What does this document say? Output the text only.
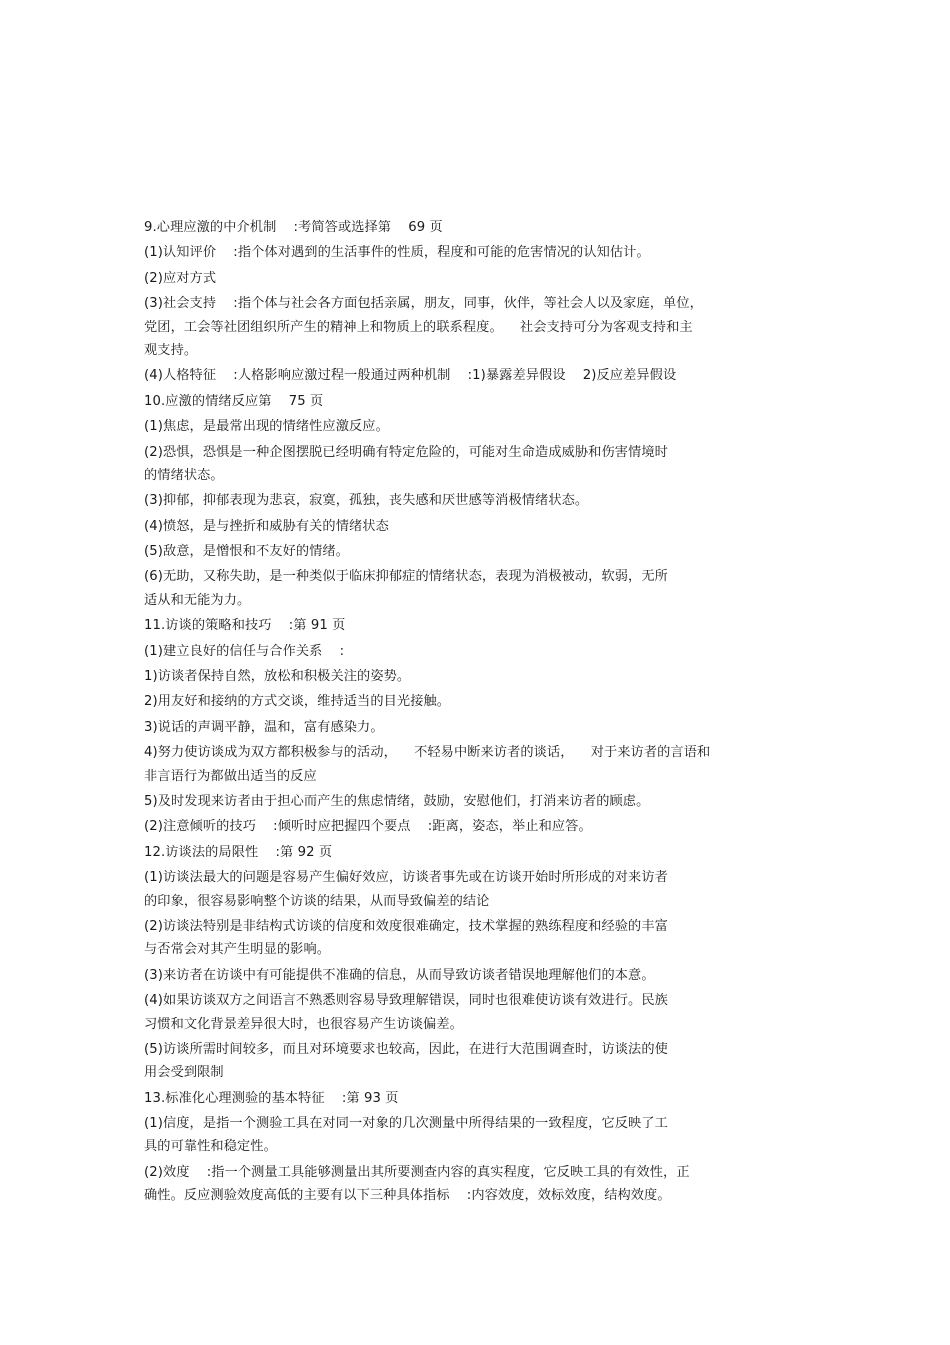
9.心理应激的中介机制    :考简答或选择第    69 页
(1)认知评价    :指个体对遇到的生活事件的性质，程度和可能的危害情况的认知估计。
(2)应对方式
(3)社会支持    :指个体与社会各方面包括亲属，朋友，同事，伙伴，等社会人以及家庭，单位，
党团，工会等社团组织所产生的精神上和物质上的联系程度。    社会支持可分为客观支持和主
观支持。
(4)人格特征    :人格影响应激过程一般通过两种机制    :1)暴露差异假设    2)反应差异假设
10.应激的情绪反应第    75 页
(1)焦虑，是最常出现的情绪性应激反应。
(2)恐惧，恐惧是一种企图摆脱已经明确有特定危险的，可能对生命造成威胁和伤害情境时
的情绪状态。
(3)抑郁，抑郁表现为悲哀，寂寞，孤独，丧失感和厌世感等消极情绪状态。
(4)愤怒，是与挫折和威胁有关的情绪状态
(5)敌意，是憎恨和不友好的情绪。
(6)无助，又称失助，是一种类似于临床抑郁症的情绪状态，表现为消极被动，软弱，无所
适从和无能为力。
11.访谈的策略和技巧    :第 91 页
(1)建立良好的信任与合作关系    :
1)访谈者保持自然，放松和积极关注的姿势。
2)用友好和接纳的方式交谈，维持适当的目光接触。
3)说话的声调平静，温和，富有感染力。
4)努力使访谈成为双方都积极参与的活动，    不轻易中断来访者的谈话，    对于来访者的言语和
非言语行为都做出适当的反应
5)及时发现来访者由于担心而产生的焦虑情绪，鼓励，安慰他们，打消来访者的顾虑。
(2)注意倾听的技巧    :倾听时应把握四个要点    :距离，姿态，举止和应答。
12.访谈法的局限性    :第 92 页
(1)访谈法最大的问题是容易产生偏好效应，访谈者事先或在访谈开始时所形成的对来访者
的印象，很容易影响整个访谈的结果，从而导致偏差的结论
(2)访谈法特别是非结构式访谈的信度和效度很难确定，技术掌握的熟练程度和经验的丰富
与否常会对其产生明显的影响。
(3)来访者在访谈中有可能提供不准确的信息，从而导致访谈者错误地理解他们的本意。
(4)如果访谈双方之间语言不熟悉则容易导致理解错误，同时也很难使访谈有效进行。民族
习惯和文化背景差异很大时，也很容易产生访谈偏差。
(5)访谈所需时间较多，而且对环境要求也较高，因此，在进行大范围调查时，访谈法的使
用会受到限制
13.标准化心理测验的基本特征    :第 93 页
(1)信度，是指一个测验工具在对同一对象的几次测量中所得结果的一致程度，它反映了工
具的可靠性和稳定性。
(2)效度    :指一个测量工具能够测量出其所要测查内容的真实程度，它反映工具的有效性，正
确性。反应测验效度高低的主要有以下三种具体指标    :内容效度，效标效度，结构效度。
